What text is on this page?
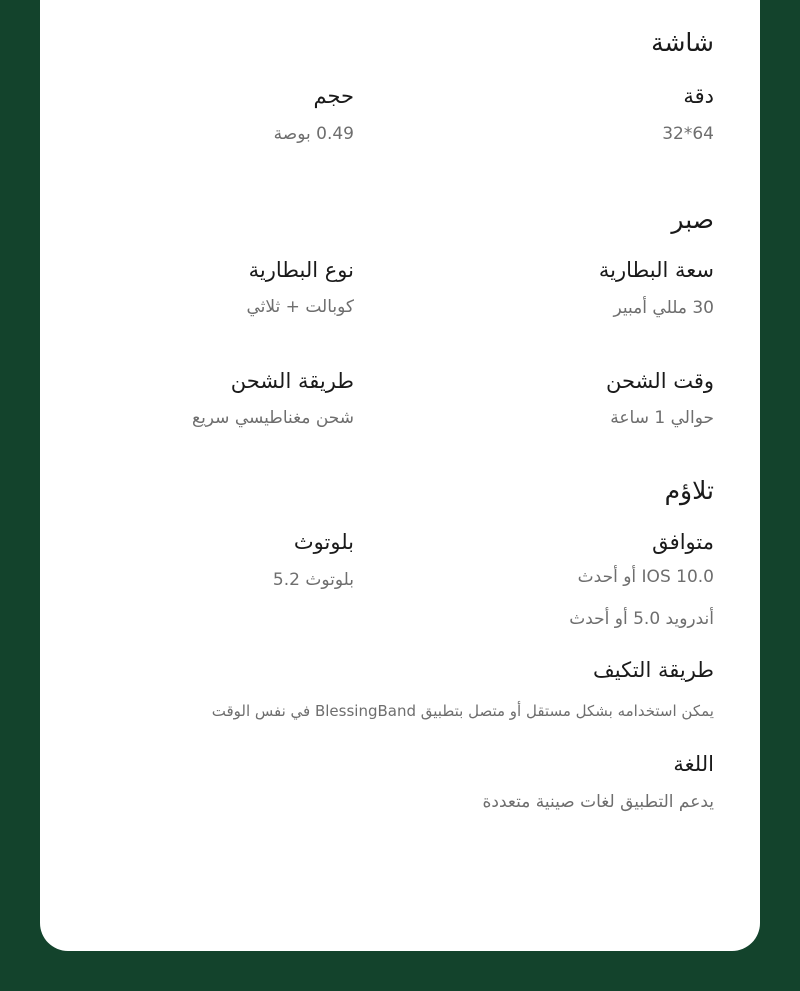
شاشة
دقة
64*32
حجم
0.49 بوصة
صبر
سعة البطارية
30 مللي أمبير
نوع البطارية
كوبالت + ثلاثي
وقت الشحن
حوالي 1 ساعة
طريقة الشحن
شحن مغناطيسي سريع
تلاؤم
متوافق
IOS 10.0 أو أحدث
أندرويد 5.0 أو أحدث
بلوتوث
بلوتوث 5.2
طريقة التكيف
يمكن استخدامه بشكل مستقل أو متصل بتطبيق BlessingBand في نفس الوقت
اللغة
يدعم التطبيق لغات صينية متعددة
